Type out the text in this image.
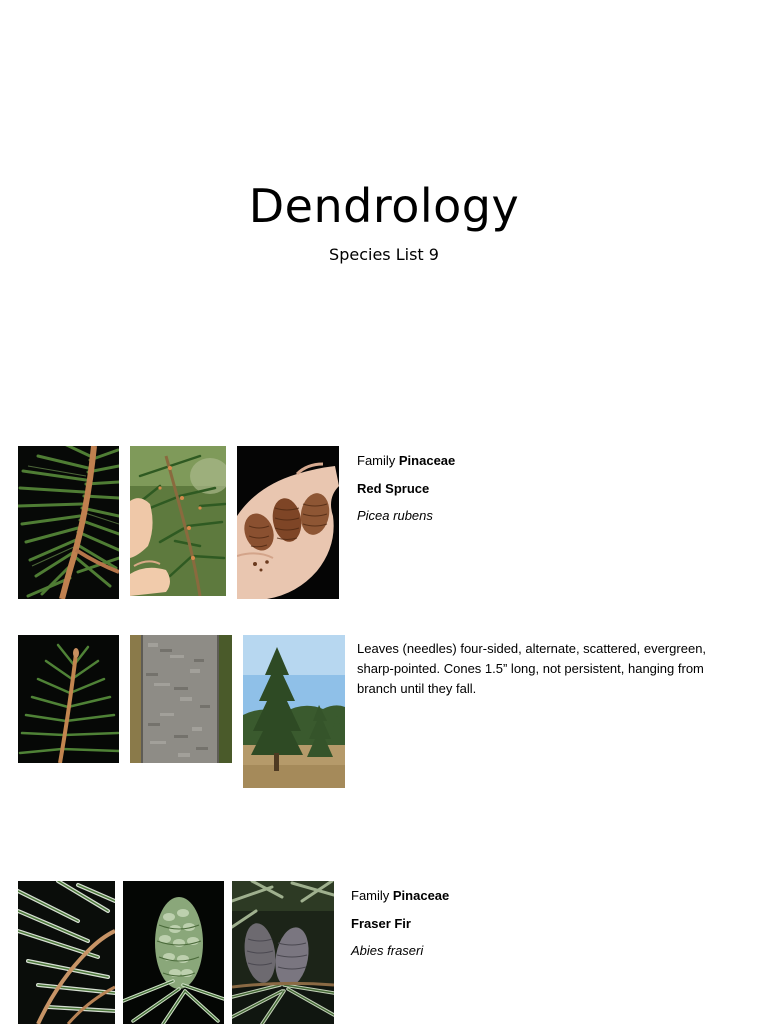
Dendrology
Species List 9
Family Pinaceae
Red Spruce
Picea rubens
Leaves (needles) four-sided, alternate, scattered, evergreen, sharp-pointed. Cones 1.5” long, not persistent, hanging from branch until they fall.
Family Pinaceae
Fraser Fir
Abies fraseri
